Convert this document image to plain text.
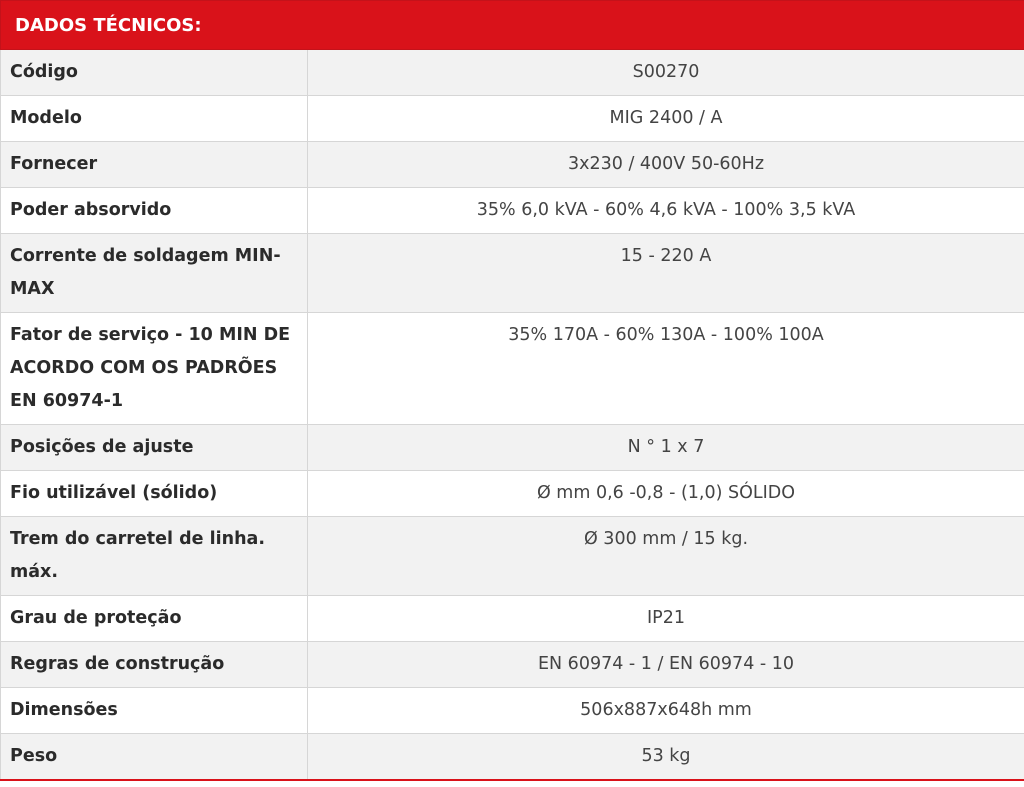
DADOS TÉCNICOS:	
Código	S00270
Modelo	MIG 2400 / A
Fornecer	3x230 / 400V 50-60Hz
Poder absorvido	35% 6,0 kVA - 60% 4,6 kVA - 100% 3,5 kVA
Corrente de soldagem MIN-MAX	15 - 220 A
Fator de serviço - 10 MIN DE ACORDO COM OS PADRÕES EN 60974-1	35% 170A - 60% 130A - 100% 100A
Posições de ajuste	N ° 1 x 7
Fio utilizável (sólido)	Ø mm 0,6 -0,8 - (1,0) SÓLIDO
Trem do carretel de linha. máx.	Ø 300 mm / 15 kg.
Grau de proteção	IP21
Regras de construção	EN 60974 - 1 / EN 60974 - 10
Dimensões	506x887x648h mm
Peso	53 kg
